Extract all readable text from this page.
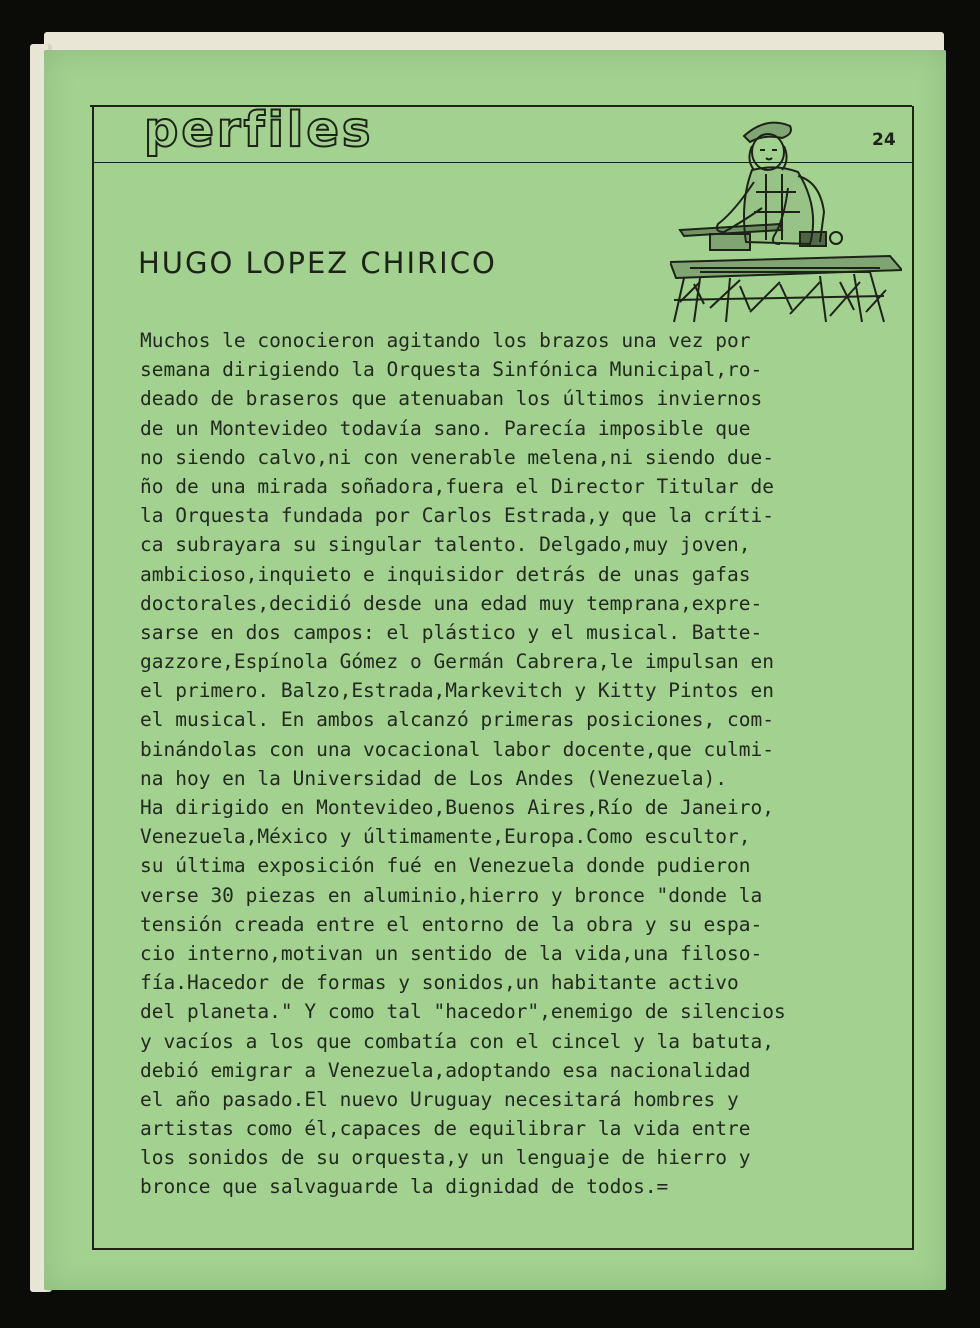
perfiles	24
HUGO LOPEZ CHIRICO
Muchos le conocieron agitando los brazos una vez por
semana dirigiendo la Orquesta Sinfónica Municipal,ro-
deado de braseros que atenuaban los últimos inviernos
de un Montevideo todavía sano. Parecía imposible que
no siendo calvo,ni con venerable melena,ni siendo due-
ño de una mirada soñadora,fuera el Director Titular de
la Orquesta fundada por Carlos Estrada,y que la críti-
ca subrayara su singular talento. Delgado,muy joven,
ambicioso,inquieto e inquisidor detrás de unas gafas
doctorales,decidió desde una edad muy temprana,expre-
sarse en dos campos: el plástico y el musical. Batte-
gazzore,Espínola Gómez o Germán Cabrera,le impulsan en
el primero. Balzo,Estrada,Markevitch y Kitty Pintos en
el musical. En ambos alcanzó primeras posiciones, com-
binándolas con una vocacional labor docente,que culmi-
na hoy en la Universidad de Los Andes (Venezuela).
Ha dirigido en Montevideo,Buenos Aires,Río de Janeiro,
Venezuela,México y últimamente,Europa.Como escultor,
su última exposición fué en Venezuela donde pudieron
verse 30 piezas en aluminio,hierro y bronce "donde la
tensión creada entre el entorno de la obra y su espa-
cio interno,motivan un sentido de la vida,una filoso-
fía.Hacedor de formas y sonidos,un habitante activo
del planeta." Y como tal "hacedor",enemigo de silencios
y vacíos a los que combatía con el cincel y la batuta,
debió emigrar a Venezuela,adoptando esa nacionalidad
el año pasado.El nuevo Uruguay necesitará hombres y
artistas como él,capaces de equilibrar la vida entre
los sonidos de su orquesta,y un lenguaje de hierro y
bronce que salvaguarde la dignidad de todos.=
